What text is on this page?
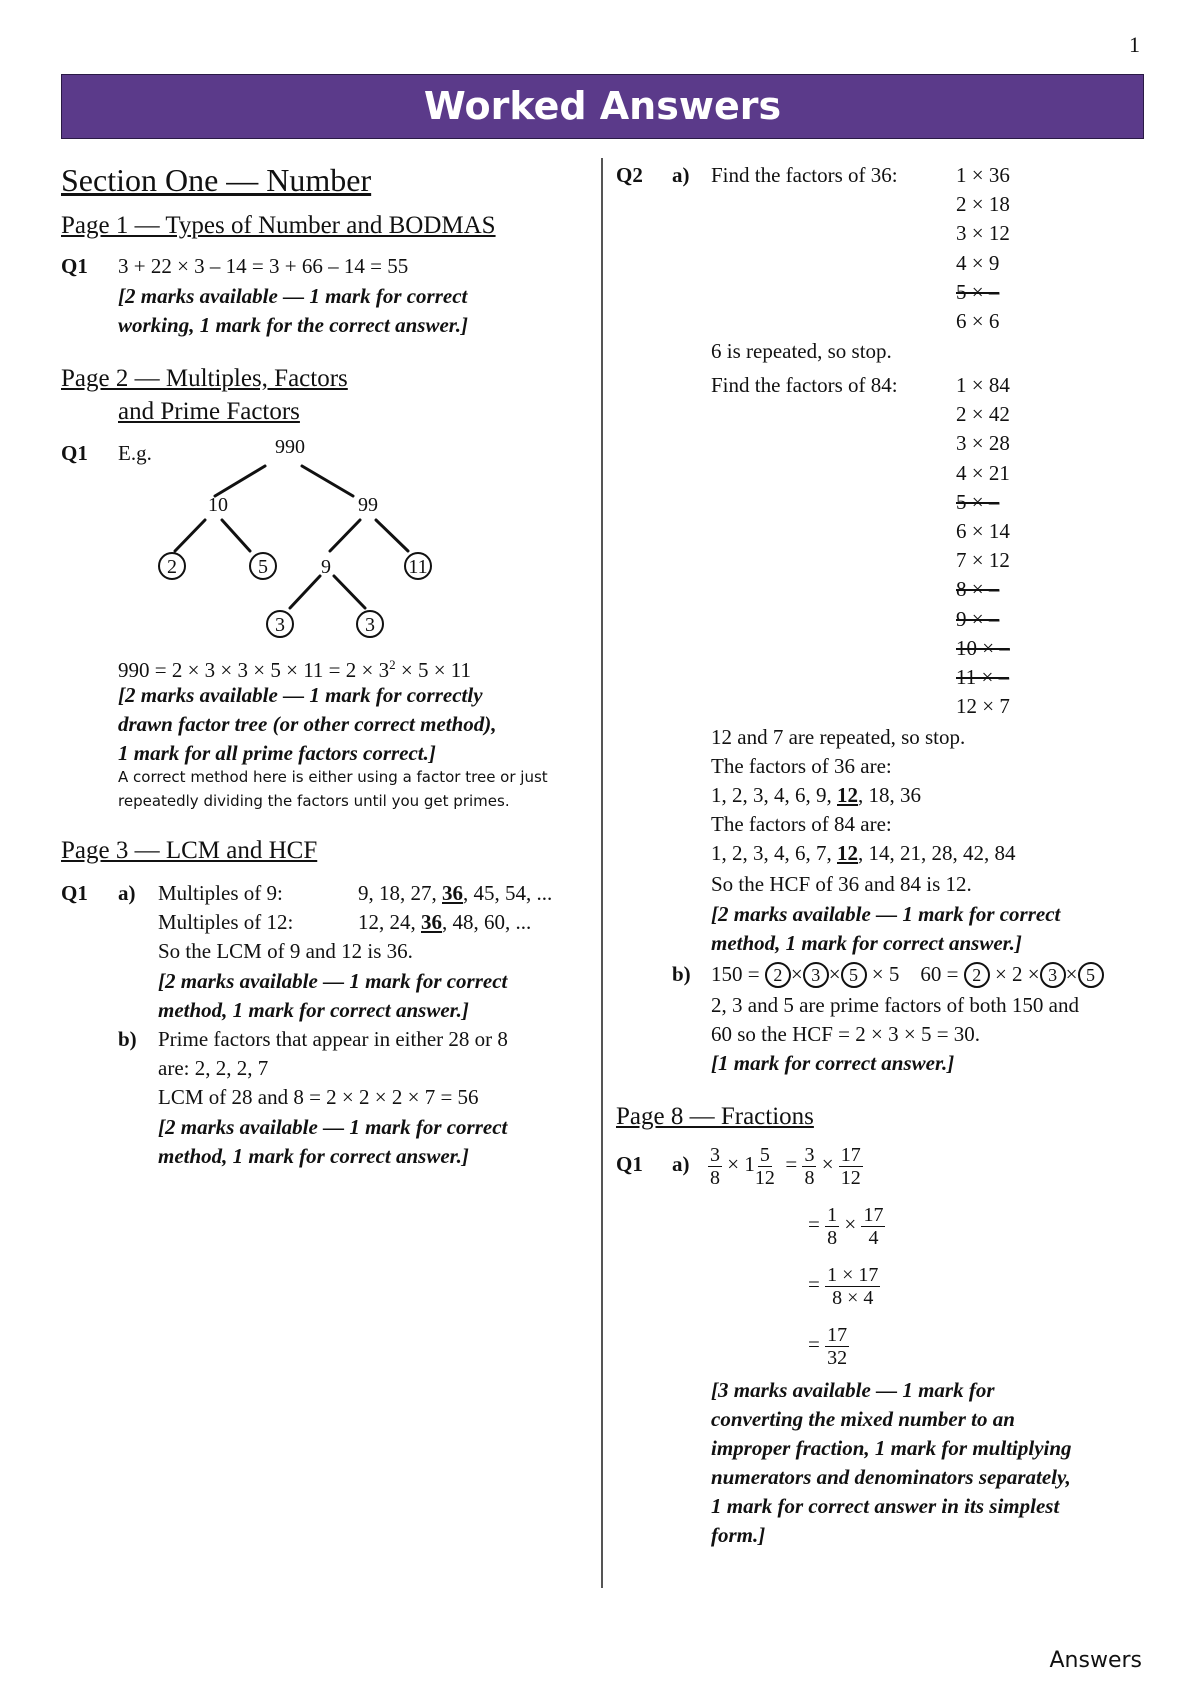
1
Worked Answers
Answers
Section One — Number
Page 1 — Types of Number and BODMAS
Q1 3 + 22 × 3 – 14 = 3 + 66 – 14 = 55
[2 marks available — 1 mark for correct
working, 1 mark for the correct answer.]
Page 2 — Multiples, Factors
and Prime Factors
Q1 E.g.	990
10	99
2	5	9	11
3	3
$990 = 2 \times 3 \times 3 \times 5 \times 11 = 2 \times 3^2 \times 5 \times 11$
[2 marks available — 1 mark for correctly
drawn factor tree (or other correct method),
1 mark for all prime factors correct.]
A correct method here is either using a factor tree or just
repeatedly dividing the factors until you get primes.
Page 3 — LCM and HCF
Q1 a) Multiples of 9:	9, 18, 27, 36, 45, 54, ...
Multiples of 12:	12, 24, 36, 48, 60, ...
So the LCM of 9 and 12 is 36.
[2 marks available — 1 mark for correct
method, 1 mark for correct answer.]
b) Prime factors that appear in either 28 or 8
are: 2, 2, 2, 7
LCM of 28 and 8 = 2 × 2 × 2 × 7 = 56
[2 marks available — 1 mark for correct
method, 1 mark for correct answer.]
Q2 a) Find the factors of 36:	1 × 36
2 × 18
3 × 12
4 × 9
5 × –
6 × 6
6 is repeated, so stop.
Find the factors of 84:	1 × 84
2 × 42
3 × 28
4 × 21
5 × –
6 × 14
7 × 12
8 × –
9 × –
10 × –
11 × –
12 × 7
12 and 7 are repeated, so stop.
The factors of 36 are:
1, 2, 3, 4, 6, 9, 12, 18, 36
The factors of 84 are:
1, 2, 3, 4, 6, 7, 12, 14, 21, 28, 42, 84
So the HCF of 36 and 84 is 12.
[2 marks available — 1 mark for correct
method, 1 mark for correct answer.]
b) 150 = 2 × 3 × 5 × 5 60 = 2 × 2 × 3 × 5
2, 3 and 5 are prime factors of both 150 and
60 so the HCF = 2 × 3 × 5 = 30.
[1 mark for correct answer.]
Page 8 — Fractions
Q1 $a) \frac{3}{8} \times 1 \frac{5}{12} = \frac{3}{8} \times \frac{17}{12}$
= $\frac{1}{8} \times \frac{17}{4}$
= $\frac{1 \times 17}{8 \times 4}$
= $\frac{17}{32}$
[3 marks available — 1 mark for
converting the mixed number to an
improper fraction, 1 mark for multiplying
numerators and denominators separately,
1 mark for correct answer in its simplest
form.]
